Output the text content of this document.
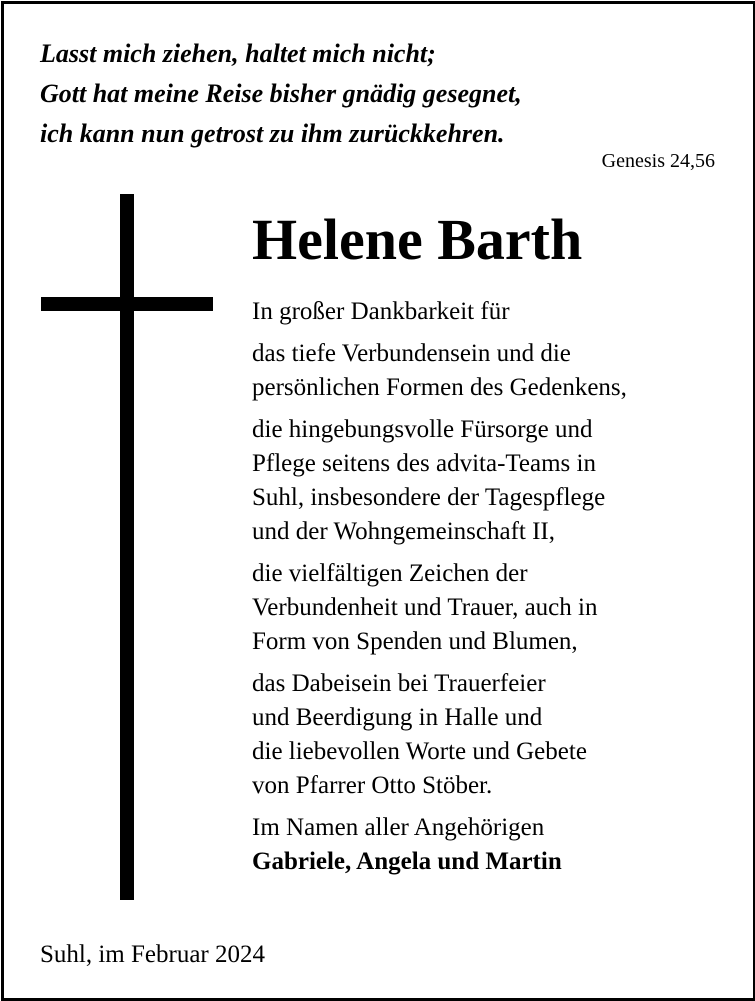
Lasst mich ziehen, haltet mich nicht;
Gott hat meine Reise bisher gnädig gesegnet,
ich kann nun getrost zu ihm zurückkehren.
Genesis 24,56
Helene Barth
In großer Dankbarkeit für
das tiefe Verbundensein und die
persönlichen Formen des Gedenkens,
die hingebungsvolle Fürsorge und
Pflege seitens des advita-Teams in
Suhl, insbesondere der Tagespflege
und der Wohngemeinschaft II,
die vielfältigen Zeichen der
Verbundenheit und Trauer, auch in
Form von Spenden und Blumen,
das Dabeisein bei Trauerfeier
und Beerdigung in Halle und
die liebevollen Worte und Gebete
von Pfarrer Otto Stöber.
Im Namen aller Angehörigen
Gabriele, Angela und Martin
Suhl, im Februar 2024
